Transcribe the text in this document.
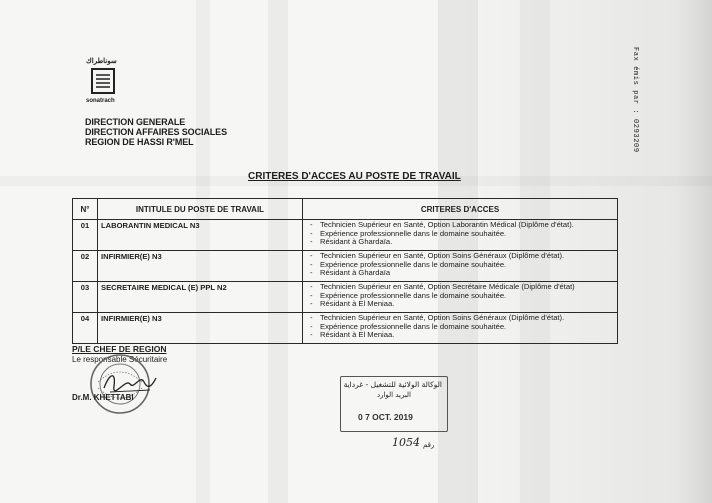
سوناطراك
sonatrach
DIRECTION GENERALE
DIRECTION AFFAIRES SOCIALES
REGION DE HASSI R'MEL
CRITERES D'ACCES AU POSTE DE TRAVAIL
N°	INTITULE DU POSTE DE TRAVAIL	CRITERES D'ACCES
01	LABORANTIN MEDICAL N3	- Technicien Supérieur en Santé, Option Laborantin Médical (Diplôme d'état).
- Expérience professionnelle dans le domaine souhaitée.
- Résidant à Ghardaïa.

02	INFIRMIER(E) N3	- Technicien Supérieur en Santé, Option Soins Généraux (Diplôme d'état).
- Expérience professionnelle dans le domaine souhaitée.
- Résidant à Ghardaïa

03	SECRETAIRE MEDICAL (E) PPL N2	- Technicien Supérieur en Santé, Option Secrétaire Médicale (Diplôme d'état)
- Expérience professionnelle dans le domaine souhaitée.
- Résidant à El Meniaa.

04	INFIRMIER(E) N3	- Technicien Supérieur en Santé, Option Soins Généraux (Diplôme d'état).
- Expérience professionnelle dans le domaine souhaitée.
- Résidant à El Meniaa.
P/LE CHEF DE REGION
Le responsable Sécuritaire
Dr.M. KHETTABI
الوكالة الولائية للتشغيل - غرداية
البريد الوارد
0 7 OCT. 2019
1054 رقم
Fax émis par : 0293209
